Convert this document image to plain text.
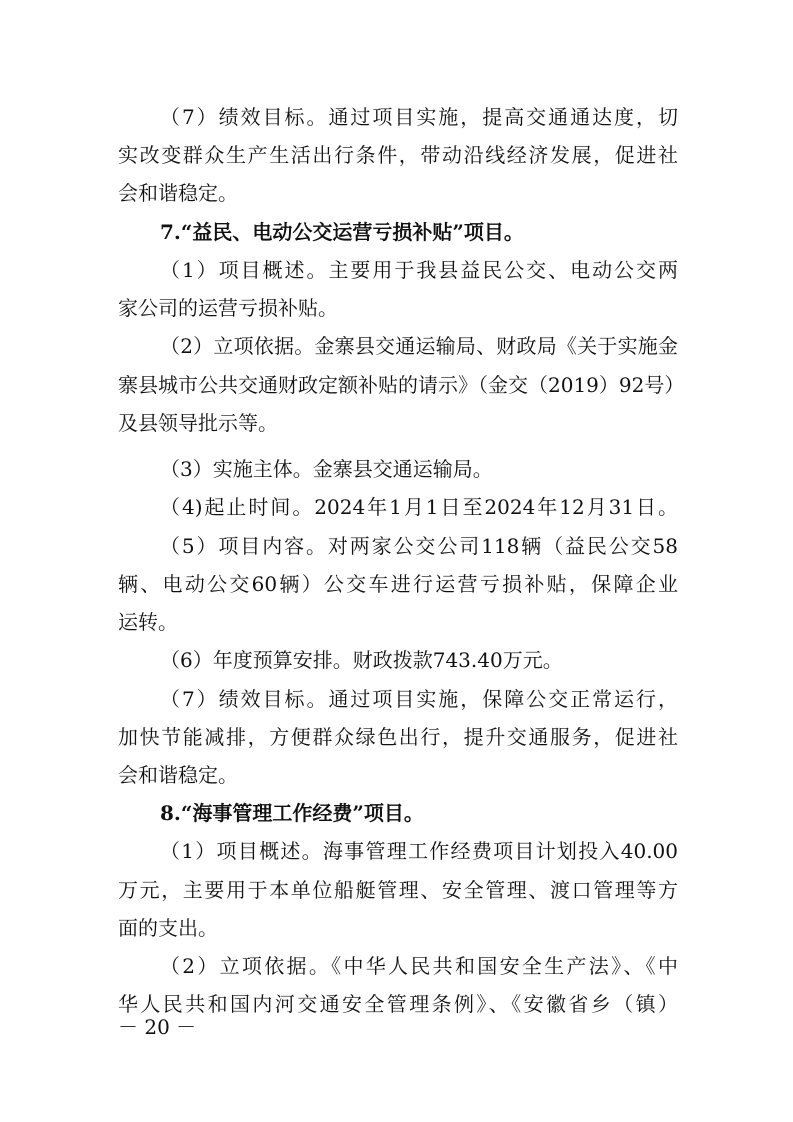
（7）绩效目标。通过项目实施，提高交通通达度，切
实改变群众生产生活出行条件，带动沿线经济发展，促进社
会和谐稳定。
7.“益民、电动公交运营亏损补贴”项目。
（1）项目概述。主要用于我县益民公交、电动公交两
家公司的运营亏损补贴。
（2）立项依据。金寨县交通运输局、财政局《关于实施金
寨县城市公共交通财政定额补贴的请示》（金交（2019）92号）
及县领导批示等。
（3）实施主体。金寨县交通运输局。
（4)起止时间。2024年1月1日至2024年12月31日。
（5）项目内容。对两家公交公司118辆（益民公交58
辆、电动公交60辆）公交车进行运营亏损补贴，保障企业
运转。
（6）年度预算安排。财政拨款743.40万元。
（7）绩效目标。通过项目实施，保障公交正常运行，
加快节能减排，方便群众绿色出行，提升交通服务，促进社
会和谐稳定。
8.“海事管理工作经费”项目。
（1）项目概述。海事管理工作经费项目计划投入40.00
万元，主要用于本单位船艇管理、安全管理、渡口管理等方
面的支出。
（2）立项依据。《中华人民共和国安全生产法》、《中
华人民共和国内河交通安全管理条例》、《安徽省乡（镇）
－ 20 －
